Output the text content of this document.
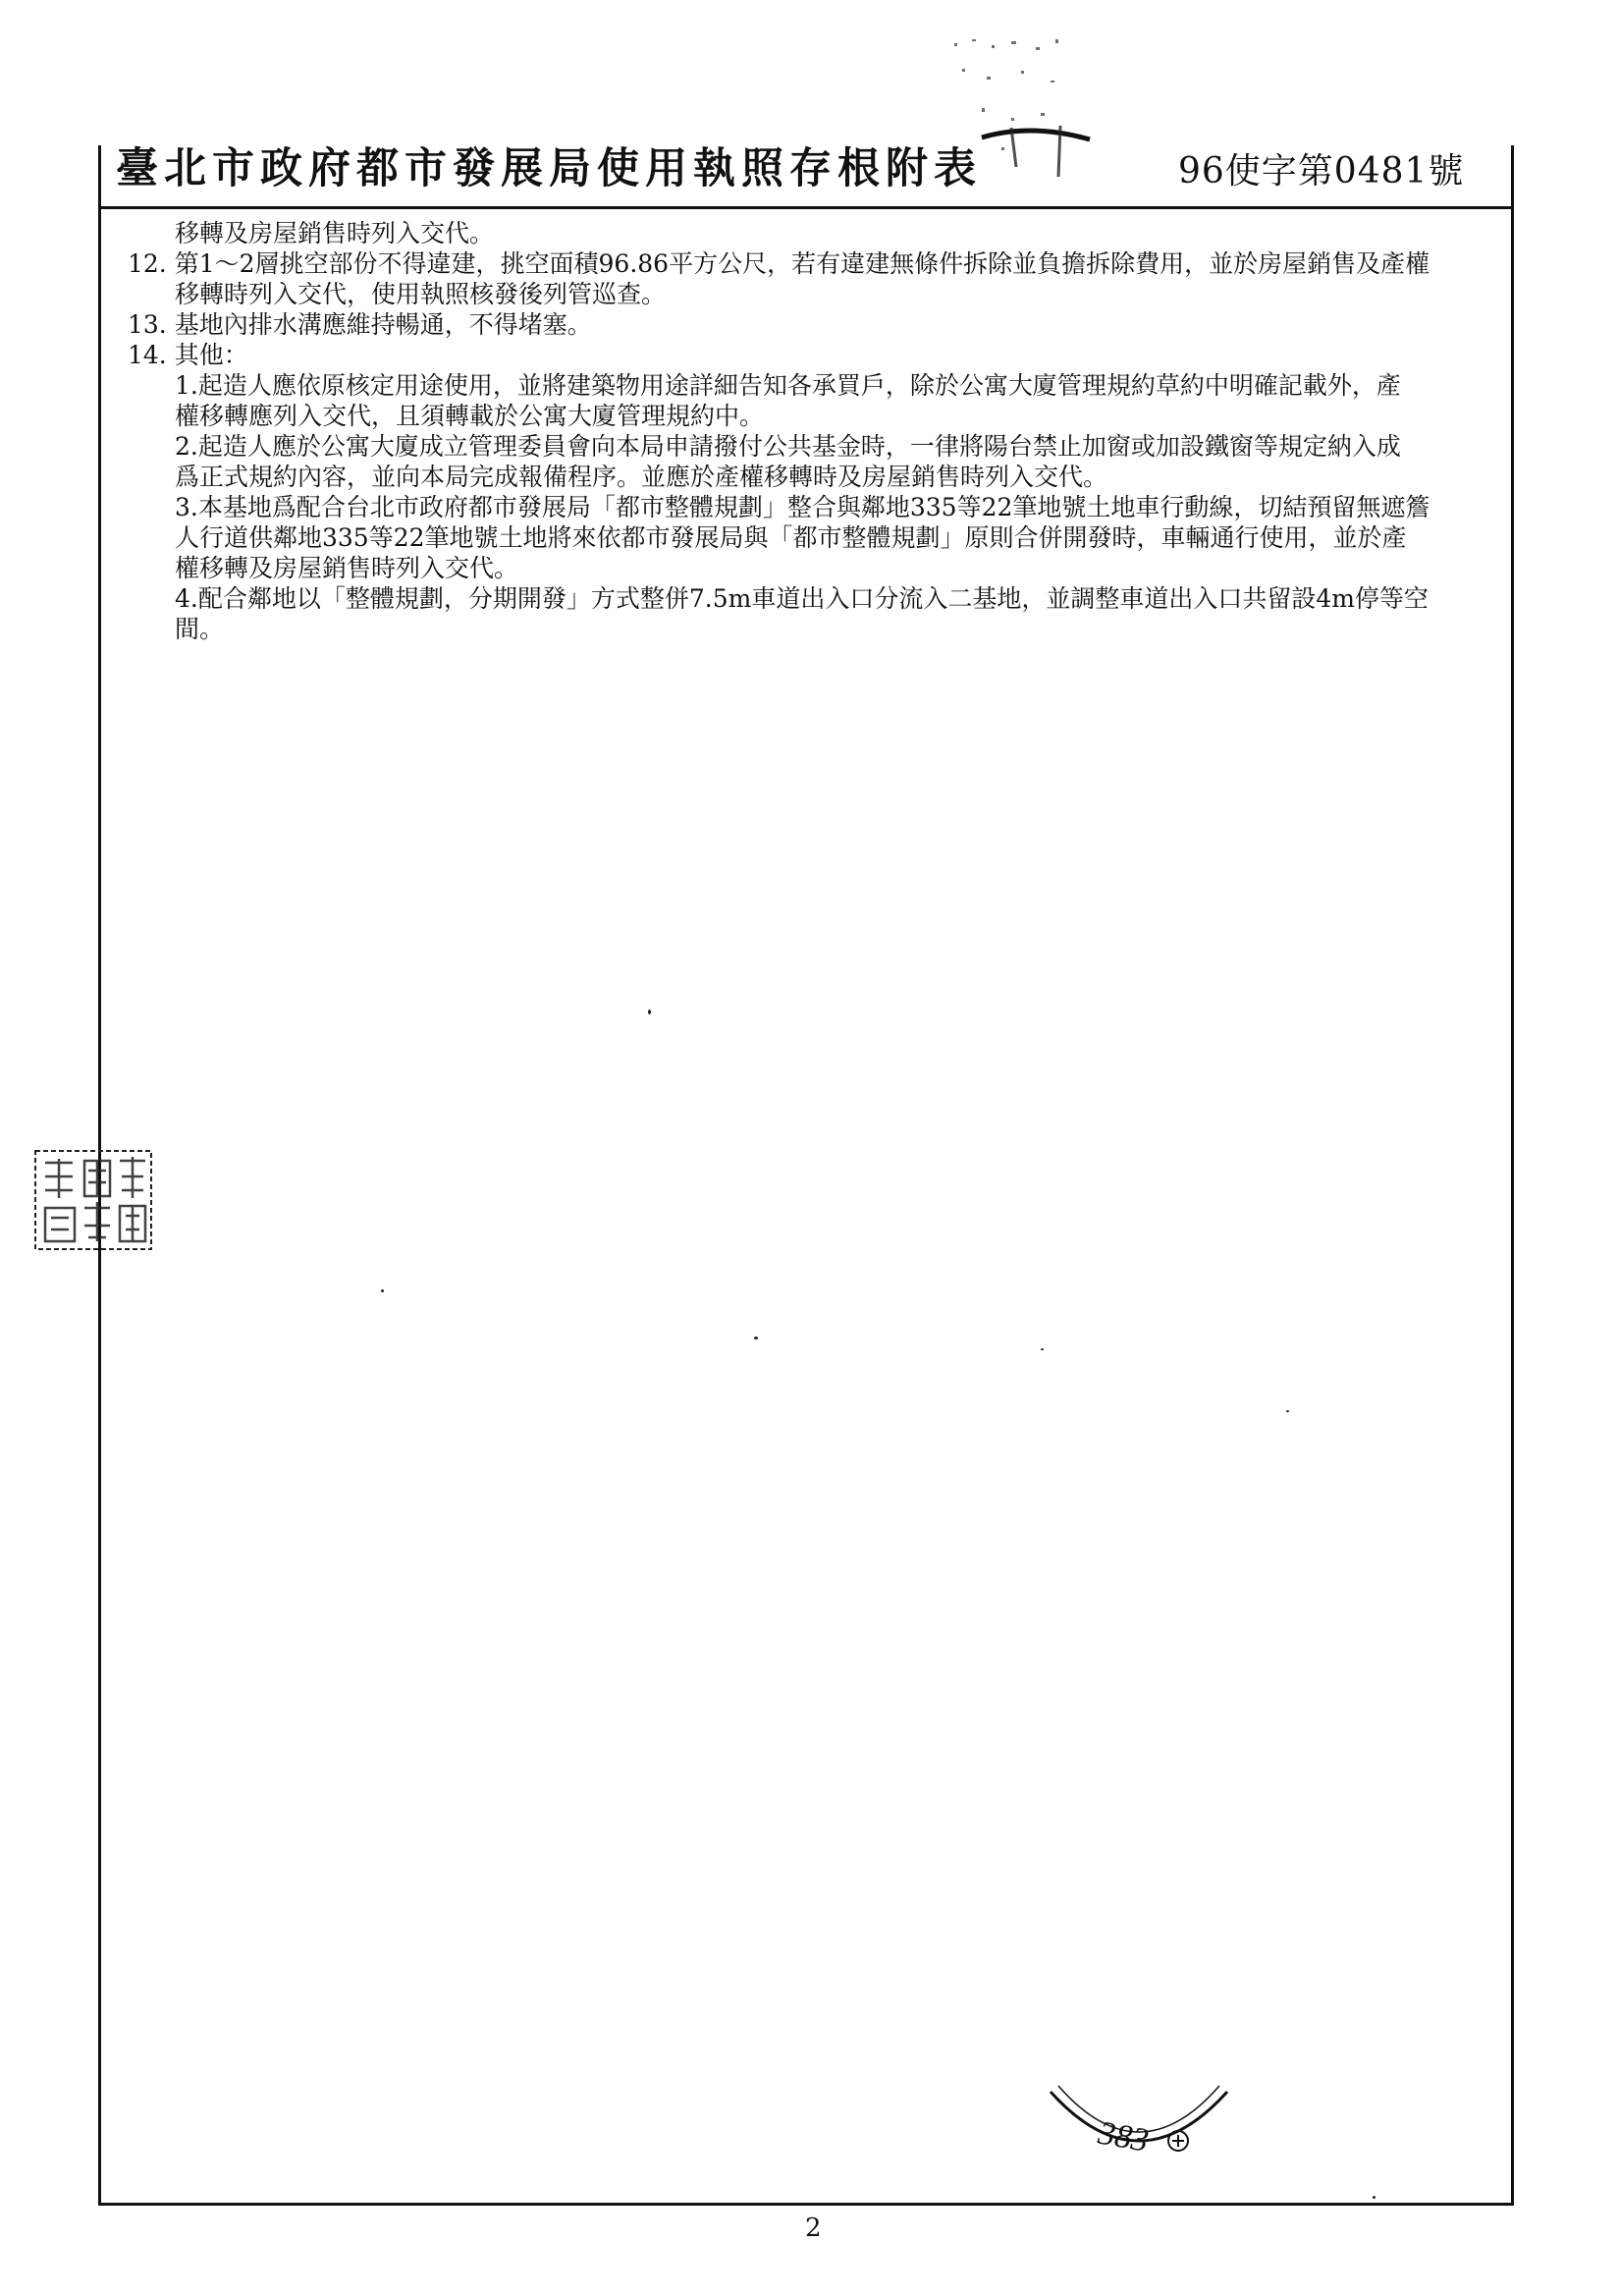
臺北市政府都市發展局使用執照存根附表	96使字第0481號
移轉及房屋銷售時列入交代。
12. 第1～2層挑空部份不得違建，挑空面積96.86平方公尺，若有違建無條件拆除並負擔拆除費用，並於房屋銷售及產權
移轉時列入交代，使用執照核發後列管巡查。
13. 基地內排水溝應維持暢通，不得堵塞。
14. 其他：
1.起造人應依原核定用途使用，並將建築物用途詳細告知各承買戶，除於公寓大廈管理規約草約中明確記載外，產
權移轉應列入交代，且須轉載於公寓大廈管理規約中。
2.起造人應於公寓大廈成立管理委員會向本局申請撥付公共基金時，一律將陽台禁止加窗或加設鐵窗等規定納入成
爲正式規約內容，並向本局完成報備程序。並應於產權移轉時及房屋銷售時列入交代。
3.本基地爲配合台北市政府都市發展局「都市整體規劃」整合與鄰地335等22筆地號土地車行動線，切結預留無遮簷
人行道供鄰地335等22筆地號土地將來依都市發展局與「都市整體規劃」原則合併開發時，車輛通行使用，並於產
權移轉及房屋銷售時列入交代。
4.配合鄰地以「整體規劃，分期開發」方式整併7.5m車道出入口分流入二基地，並調整車道出入口共留設4m停等空
間。
383
2
